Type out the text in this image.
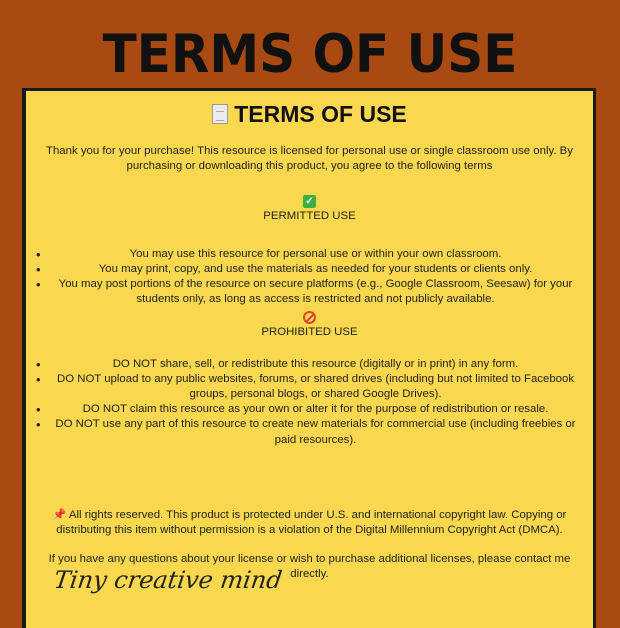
TERMS OF USE
TERMS OF USE
Thank you for your purchase! This resource is licensed for personal use or single classroom use only. By purchasing or downloading this product, you agree to the following terms
✓
PERMITTED USE
• You may use this resource for personal use or within your own classroom.
• You may print, copy, and use the materials as needed for your students or clients only.
• You may post portions of the resource on secure platforms (e.g., Google Classroom, Seesaw) for your students only, as long as access is restricted and not publicly available.
PROHIBITED USE
• DO NOT share, sell, or redistribute this resource (digitally or in print) in any form.
• DO NOT upload to any public websites, forums, or shared drives (including but not limited to Facebook groups, personal blogs, or shared Google Drives).
• DO NOT claim this resource as your own or alter it for the purpose of redistribution or resale.
• DO NOT use any part of this resource to create new materials for commercial use (including freebies or paid resources).
📌 All rights reserved. This product is protected under U.S. and international copyright law. Copying or distributing this item without permission is a violation of the Digital Millennium Copyright Act (DMCA).
If you have any questions about your license or wish to purchase additional licenses, please contact me directly.
Tiny creative mind
